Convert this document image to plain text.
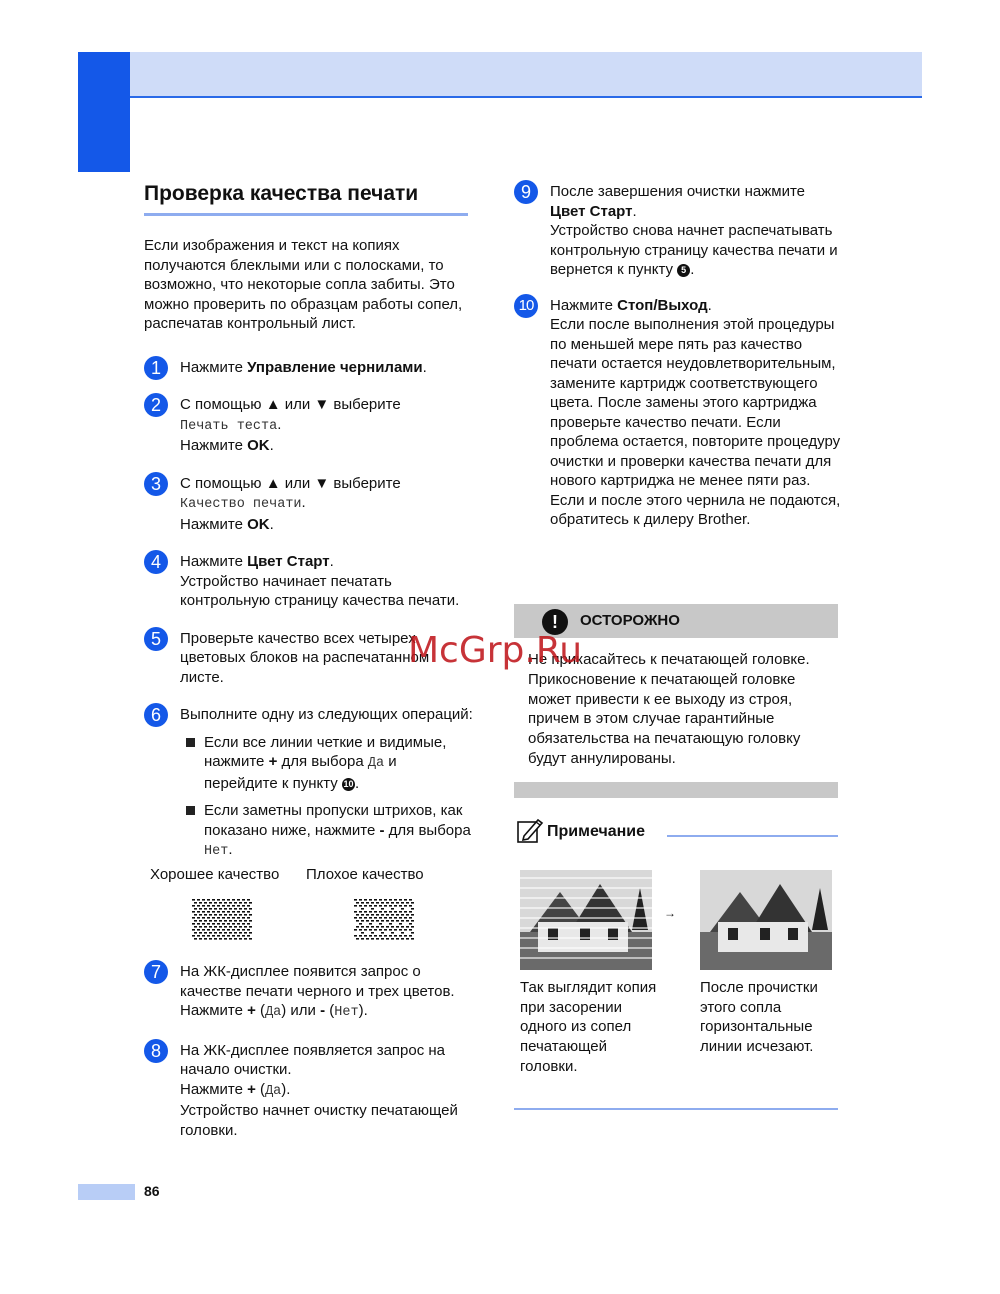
Проверка качества печати

Если изображения и текст на копиях получаются блеклыми или с полосками, то возможно, что некоторые сопла забиты. Это можно проверить по образцам работы сопел, распечатав контрольный лист.

1	Нажмите Управление чернилами.

2	С помощью ▲ или ▼ выберите
Печать теста.
Нажмите OK.

3	С помощью ▲ или ▼ выберите
Качество печати.
Нажмите OK.

4	Нажмите Цвет Старт.
Устройство начинает печатать контрольную страницу качества печати.

5	Проверьте качество всех четырех цветовых блоков на распечатанном листе.

6	Выполните одну из следующих операций:

Если все линии четкие и видимые, нажмите + для выбора Да и перейдите к пункту 10 .

Если заметны пропуски штрихов, как показано ниже, нажмите - для выбора Нет.

Хорошее качество Плохое качество
7	На ЖК-дисплее появится запрос о качестве печати черного и трех цветов.
Нажмите + (Да) или - (Нет).

8	На ЖК-дисплее появляется запрос на начало очистки.
Нажмите + (Да).
Устройство начнет очистку печатающей головки.

9	После завершения очистки нажмите Цвет Старт.
Устройство снова начнет распечатывать контрольную страницу качества печати и вернется к пункту 5 .

10	Нажмите Стоп/Выход.
Если после выполнения этой процедуры по меньшей мере пять раз качество печати остается неудовлетворительным, замените картридж соответствующего цвета. После замены этого картриджа проверьте качество печати. Если проблема остается, повторите процедуру очистки и проверки качества печати для нового картриджа не менее пяти раз. Если и после этого чернила не подаются, обратитесь к дилеру Brother.

!	ОСТОРОЖНО

Не прикасайтесь к печатающей головке. Прикосновение к печатающей головке может привести к ее выходу из строя, причем в этом случае гарантийные обязательства на печатающую головку будут аннулированы.

Примечание
→

Так выглядит копия при засорении одного из сопел печатающей головки.

После прочистки этого сопла горизонтальные линии исчезают.

McGrp.Ru
86
